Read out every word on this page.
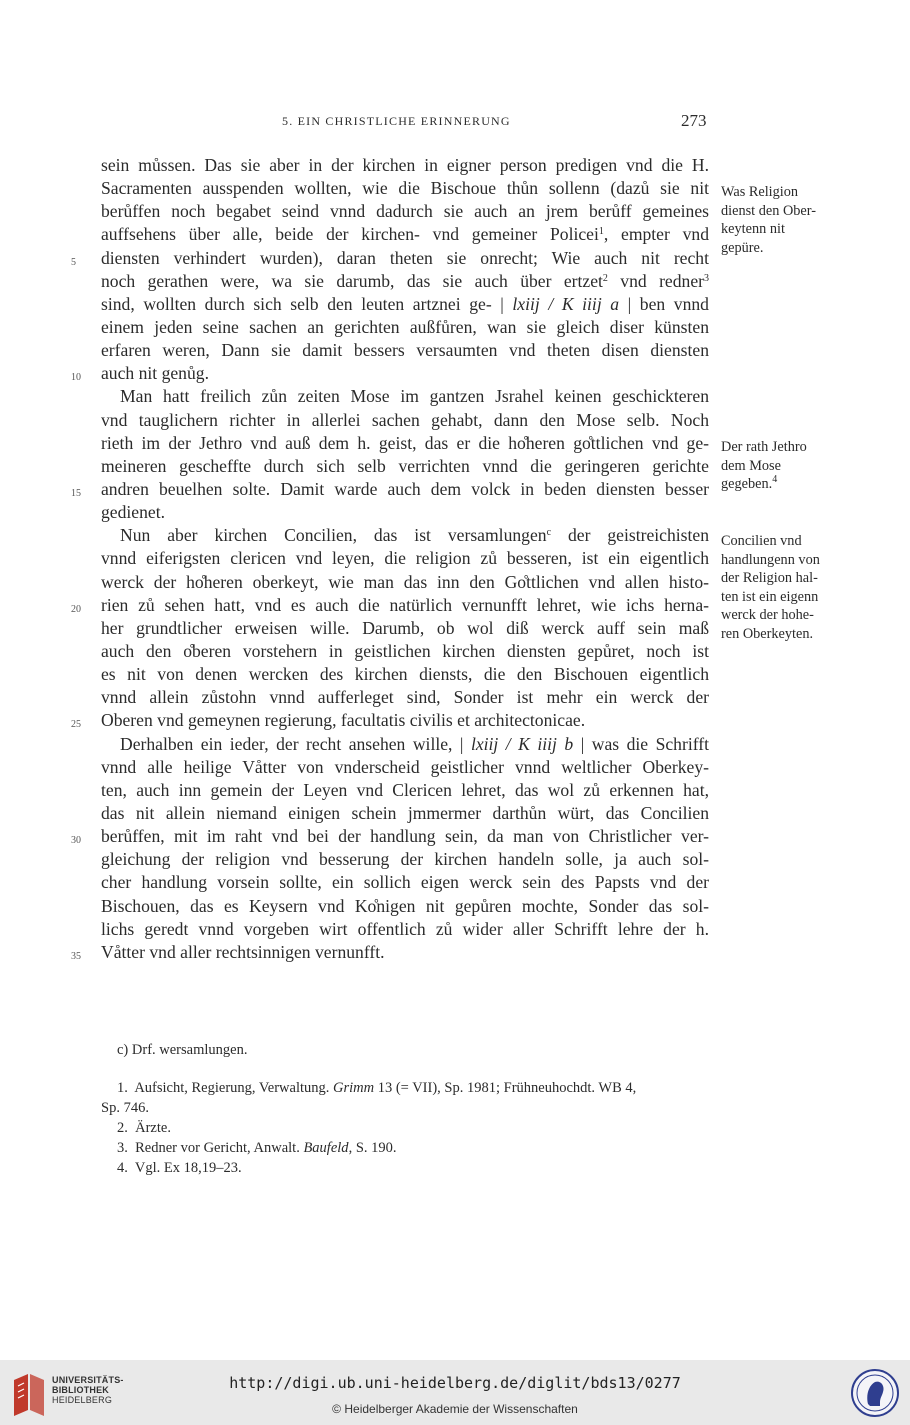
5. EIN CHRISTLICHE ERINNERUNG	273
sein můssen. Das sie aber in der kirchen in eigner person predigen vnd die H.
Sacramenten ausspenden wollten, wie die Bischoue thůn sollenn (dazů sie nit
berůffen noch begabet seind vnnd dadurch sie auch an jrem berůff gemeines
auffsehens über alle, beide der kirchen- vnd gemeiner Policei$^1$, empter vnd
5	diensten verhindert wurden), daran theten sie onrecht; Wie auch nit recht
noch gerathen were, wa sie darumb, das sie auch über ertzet$^2$ vnd redner$^3$
sind, wollten durch sich selb den leuten artznei ge- | lxiij / K iiij a | ben vnnd
einem jeden seine sachen an gerichten außfůren, wan sie gleich diser künsten
erfaren weren, Dann sie damit bessers versaumten vnd theten disen diensten
10 auch nit genůg.
Man hatt freilich zůn zeiten Mose im gantzen Jsrahel keinen geschickteren
vnd tauglichern richter in allerlei sachen gehabt, dann den Mose selb. Noch
rieth im der Jethro vnd auß dem h. geist, das er die ho̊heren go̊ttlichen vnd ge-
meineren gescheffte durch sich selb verrichten vnnd die geringeren gerichte
15 andren beuelhen solte. Damit warde auch dem volck in beden diensten besser
gedienet.
Nun aber kirchen Concilien, das ist versamlungen$^c$ der geistreichisten
vnnd eiferigsten clericen vnd leyen, die religion zů besseren, ist ein eigentlich
werck der ho̊heren oberkeyt, wie man das inn den Go̊ttlichen vnd allen histo-
20 rien zů sehen hatt, vnd es auch die natürlich vernunfft lehret, wie ichs herna-
her grundtlicher erweisen wille. Darumb, ob wol diß werck auff sein maß
auch den o̊beren vorstehern in geistlichen kirchen diensten gepůret, noch ist
es nit von denen wercken des kirchen diensts, die den Bischouen eigentlich
vnnd allein zůstohn vnnd aufferleget sind, Sonder ist mehr ein werck der
25 Oberen vnd gemeynen regierung, facultatis civilis et architectonicae.
Derhalben ein ieder, der recht ansehen wille, | lxiij / K iiij b | was die Schrifft
vnnd alle heilige Våtter von vnderscheid geistlicher vnnd weltlicher Oberkey-
ten, auch inn gemein der Leyen vnd Clericen lehret, das wol zů erkennen hat,
das nit allein niemand einigen schein jmmermer darthůn würt, das Concilien
30 berůffen, mit im raht vnd bei der handlung sein, da man von Christlicher ver-
gleichung der religion vnd besserung der kirchen handeln solle, ja auch sol-
cher handlung vorsein sollte, ein sollich eigen werck sein des Papsts vnd der
Bischouen, das es Keysern vnd Ko̊nigen nit gepůren mochte, Sonder das sol-
lichs geredt vnnd vorgeben wirt offentlich zů wider aller Schrifft lehre der h.
35 Våtter vnd aller rechtsinnigen vernunfft.
Was Religion
dienst den Ober-
keytenn nit
gepüre.
Der rath Jethro
dem Mose
gegeben.$^4$
Concilien vnd
handlungenn von
der Religion hal-
ten ist ein eigenn
werck der hohe-
ren Oberkeyten.
c) Drf. wersamlungen.
1. Aufsicht, Regierung, Verwaltung. Grimm 13 (= VII), Sp. 1981; Frühneuhochdt. WB 4,
Sp. 746.
2. Ärzte.
3. Redner vor Gericht, Anwalt. Baufeld, S. 190.
4. Vgl. Ex 18,19–23.
UNIVERSITÄTS-
BIBLIOTHEK
HEIDELBERG
http://digi.ub.uni-heidelberg.de/diglit/bds13/0277
© Heidelberger Akademie der Wissenschaften
